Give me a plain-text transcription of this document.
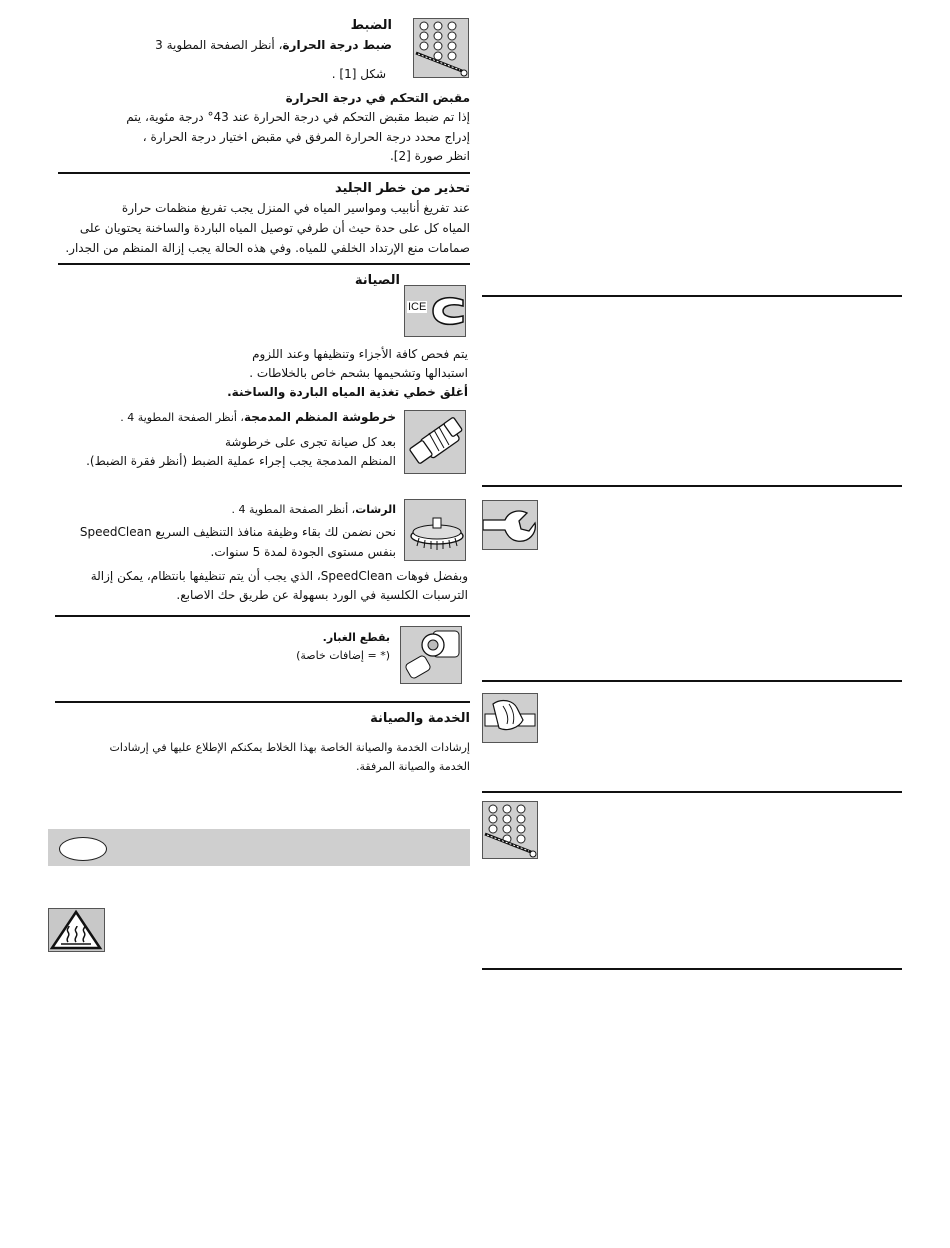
الضبط
ضبط درجة الحرارة، أنظر الصفحة المطوية 3
شكل [1] .
مقبض التحكم في درجة الحرارة
إذا تم ضبط مقبض التحكم في درجة الحرارة عند 43° درجة مئوية، يتم
إدراج محدد درجة الحرارة المرفق في مقبض اختيار درجة الحرارة ،
انظر صورة [2].
تحذير من خطر الجليد
عند تفريغ أنابيب ومواسير المياه في المنزل يجب تفريغ منظمات حرارة
المياه كل على حدة حيث أن طرفي توصيل المياه الباردة والساخنة يحتويان على
صمامات منع الإرتداد الخلفي للمياه. وفي هذه الحالة يجب إزالة المنظم من الجدار.
الصيانة
ICE
يتم فحص كافة الأجزاء وتنظيفها وعند اللزوم
استبدالها وتشحيمها بشحم خاص بالخلاطات .
أغلق خطي تغذية المياه الباردة والساخنة.
خرطوشة المنظم المدمجة، أنظر الصفحة المطوية 4 .
بعد كل صيانة تجرى على خرطوشة
المنظم المدمجة يجب إجراء عملية الضبط (أنظر فقرة الضبط).
الرشات، أنظر الصفحة المطوية 4 .
نحن نضمن لك بقاء وظيفة منافذ التنظيف السريع SpeedClean
بنفس مستوى الجودة لمدة 5 سنوات.
وبفضل فوهات SpeedClean، الذي يجب أن يتم تنظيفها بانتظام، يمكن إزالة
الترسبات الكلسية في الورد بسهولة عن طريق حك الاصابع.
بقطع الغبار.
(* = إضافات خاصة)
الخدمة والصيانة
إرشادات الخدمة والصيانة الخاصة بهذا الخلاط يمكنكم الإطلاع عليها في إرشادات
الخدمة والصيانة المرفقة.
